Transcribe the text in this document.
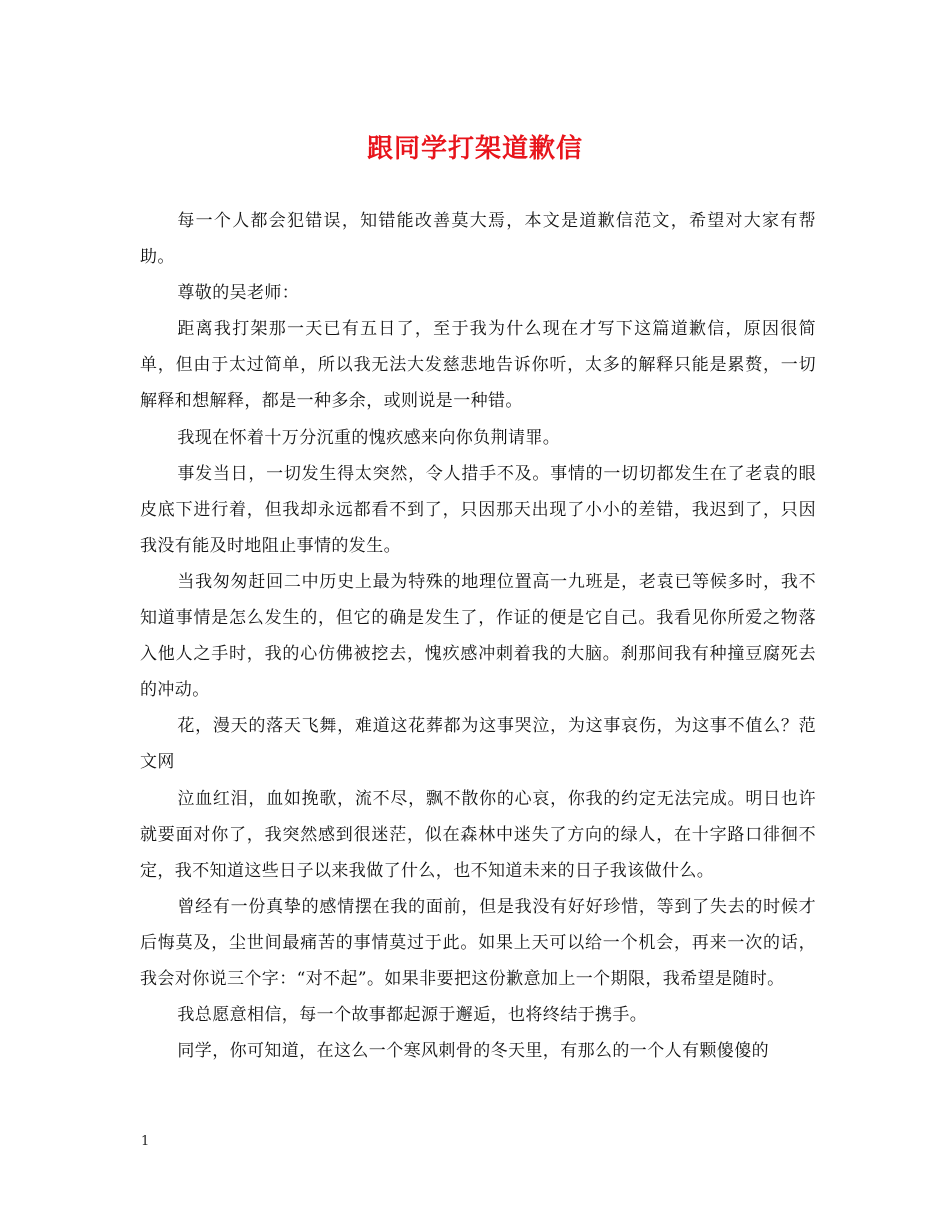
跟同学打架道歉信

每一个人都会犯错误，知错能改善莫大焉，本文是道歉信范文，希望对大家有帮助。

尊敬的吴老师：

距离我打架那一天已有五日了，至于我为什么现在才写下这篇道歉信，原因很简单，但由于太过简单，所以我无法大发慈悲地告诉你听，太多的解释只能是累赘，一切解释和想解释，都是一种多余，或则说是一种错。

我现在怀着十万分沉重的愧疚感来向你负荆请罪。

事发当日，一切发生得太突然，令人措手不及。事情的一切切都发生在了老袁的眼皮底下进行着，但我却永远都看不到了，只因那天出现了小小的差错，我迟到了，只因我没有能及时地阻止事情的发生。

当我匆匆赶回二中历史上最为特殊的地理位置高一九班是，老袁已等候多时，我不知道事情是怎么发生的，但它的确是发生了，作证的便是它自己。我看见你所爱之物落入他人之手时，我的心仿佛被挖去，愧疚感冲刺着我的大脑。刹那间我有种撞豆腐死去的冲动。

花，漫天的落天飞舞，难道这花葬都为这事哭泣，为这事哀伤，为这事不值么？范文网

泣血红泪，血如挽歌，流不尽，飘不散你的心哀，你我的约定无法完成。明日也许就要面对你了，我突然感到很迷茫，似在森林中迷失了方向的绿人，在十字路口徘徊不定，我不知道这些日子以来我做了什么，也不知道未来的日子我该做什么。

曾经有一份真挚的感情摆在我的面前，但是我没有好好珍惜，等到了失去的时候才后悔莫及，尘世间最痛苦的事情莫过于此。如果上天可以给一个机会，再来一次的话，我会对你说三个字：“对不起”。如果非要把这份歉意加上一个期限，我希望是随时。

我总愿意相信，每一个故事都起源于邂逅，也将终结于携手。

同学，你可知道，在这么一个寒风刺骨的冬天里，有那么的一个人有颗傻傻的

1
